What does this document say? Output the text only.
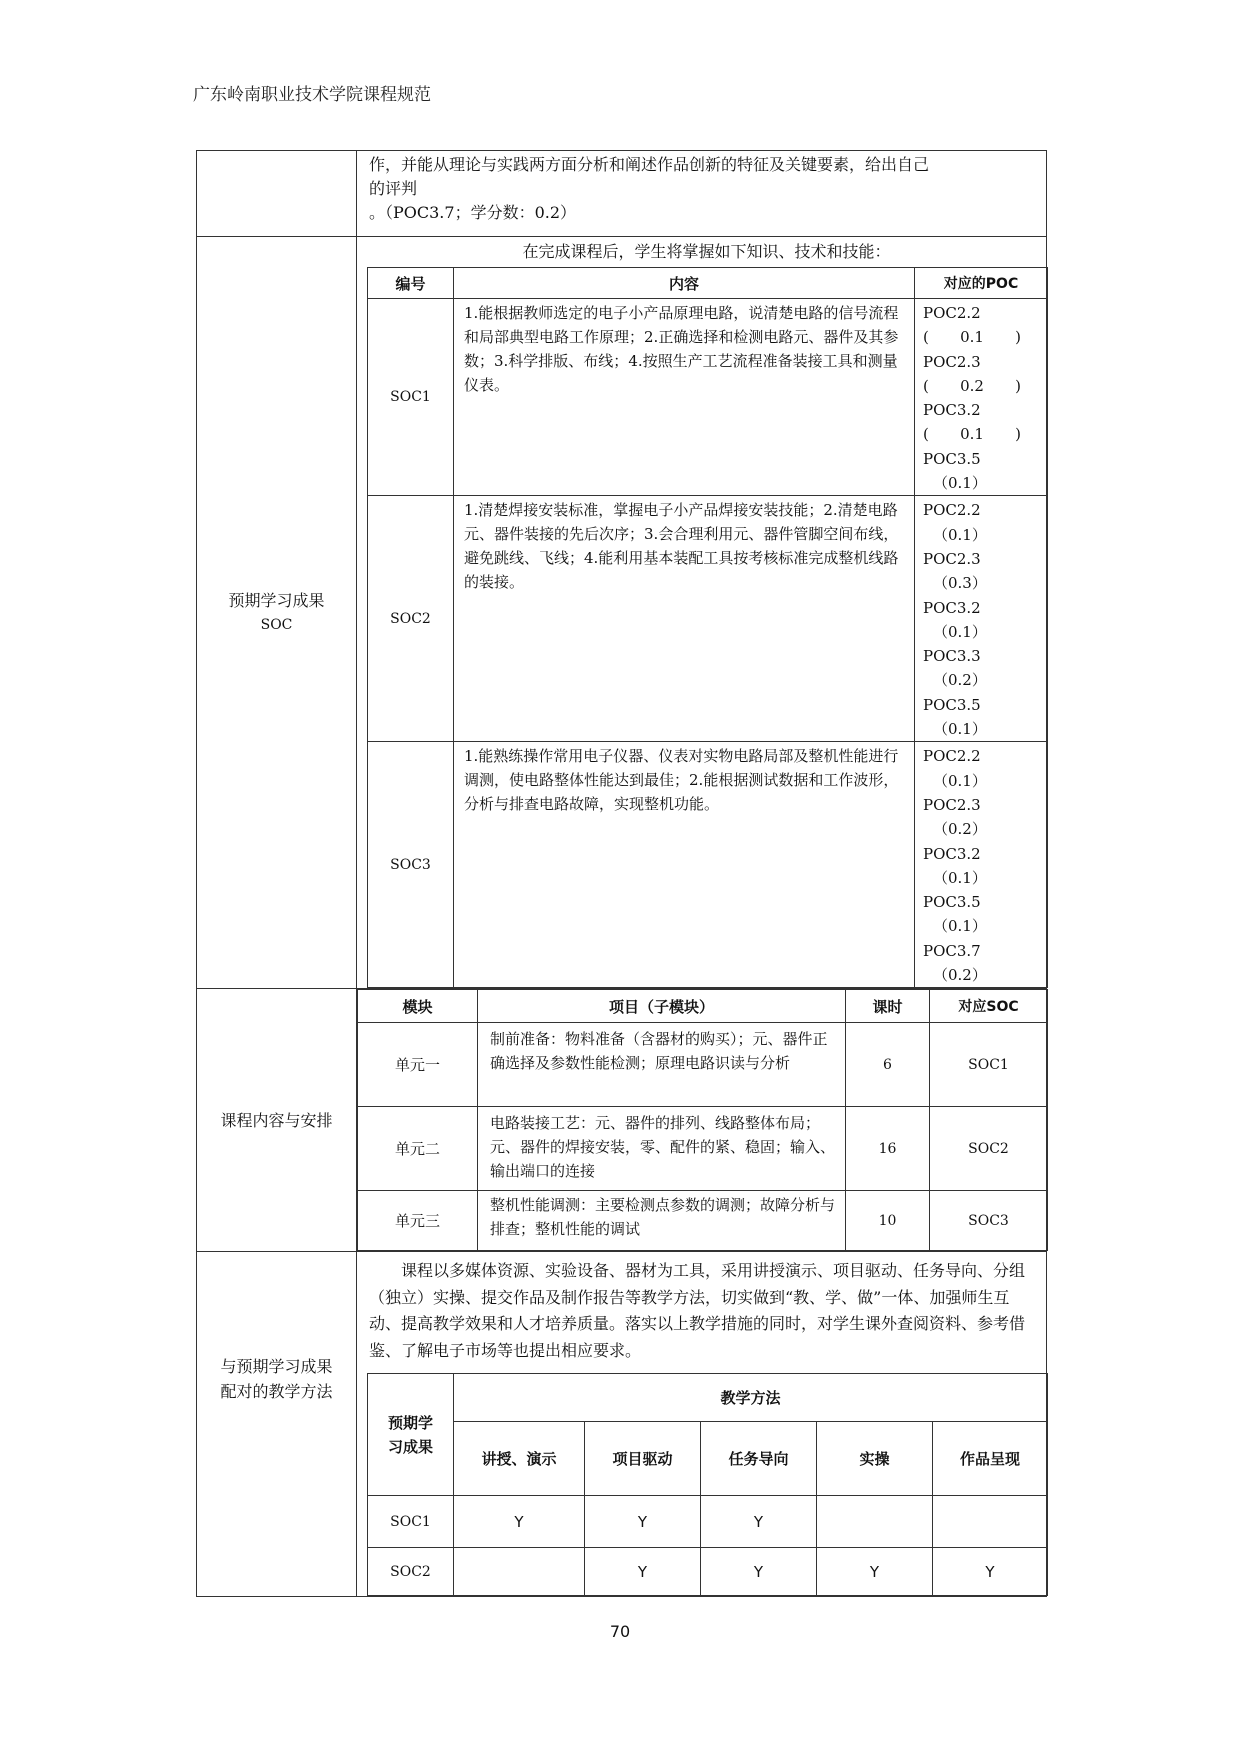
广东岭南职业技术学院课程规范

作，并能从理论与实践两方面分析和阐述作品创新的特征及关键要素，给出自己
的评判
。（POC3.7；学分数：0.2）

预期学习成果
SOC

在完成课程后，学生将掌握如下知识、技术和技能：
编号	内容	对应的POC
SOC1	1.能根据教师选定的电子小产品原理电路，说清楚电路的信号流程和局部典型电路工作原理；2.正确选择和检测电路元、器件及其参数；3.科学排版、布线；4.按照生产工艺流程准备装接工具和测量仪表。	
POC2.2
( 0.1 )
POC2.3
( 0.2 )
POC3.2
( 0.1 )
POC3.5
（0.1）

SOC2	1.清楚焊接安装标准，掌握电子小产品焊接安装技能；2.清楚电路元、器件装接的先后次序；3.会合理利用元、器件管脚空间布线，避免跳线、飞线；4.能利用基本装配工具按考核标准完成整机线路的装接。	
POC2.2
（0.1）
POC2.3
（0.3）
POC3.2
（0.1）
POC3.3
（0.2）
POC3.5
（0.1）

SOC3	1.能熟练操作常用电子仪器、仪表对实物电路局部及整机性能进行调测，使电路整体性能达到最佳；2.能根据测试数据和工作波形，分析与排查电路故障，实现整机功能。	
POC2.2
（0.1）
POC2.3
（0.2）
POC3.2
（0.1）
POC3.5
（0.1）
POC3.7
（0.2）

课程内容与安排	
模块	项目（子模块）	课时	对应SOC
单元一	制前准备：物料准备（含器材的购买）；元、器件正确选择及参数性能检测；原理电路识读与分析	6	SOC1
单元二	电路装接工艺：元、器件的排列、线路整体布局；元、器件的焊接安装，零、配件的紧、稳固；输入、输出端口的连接	16	SOC2
单元三	整机性能调测：主要检测点参数的调测；故障分析与排查；整机性能的调试	10	SOC3

与预期学习成果
配对的教学方法

课程以多媒体资源、实验设备、器材为工具，采用讲授演示、项目驱动、任务导向、分组（独立）实操、提交作品及制作报告等教学方法，切实做到“教、学、做”一体、加强师生互动、提高教学效果和人才培养质量。落实以上教学措施的同时，对学生课外查阅资料、参考借鉴、了解电子市场等也提出相应要求。
预期学
习成果
	教学方法
讲授、演示	项目驱动	任务导向	实操	作品呈现
SOC1	Y	Y	Y		
SOC2		Y	Y	Y	Y
70
